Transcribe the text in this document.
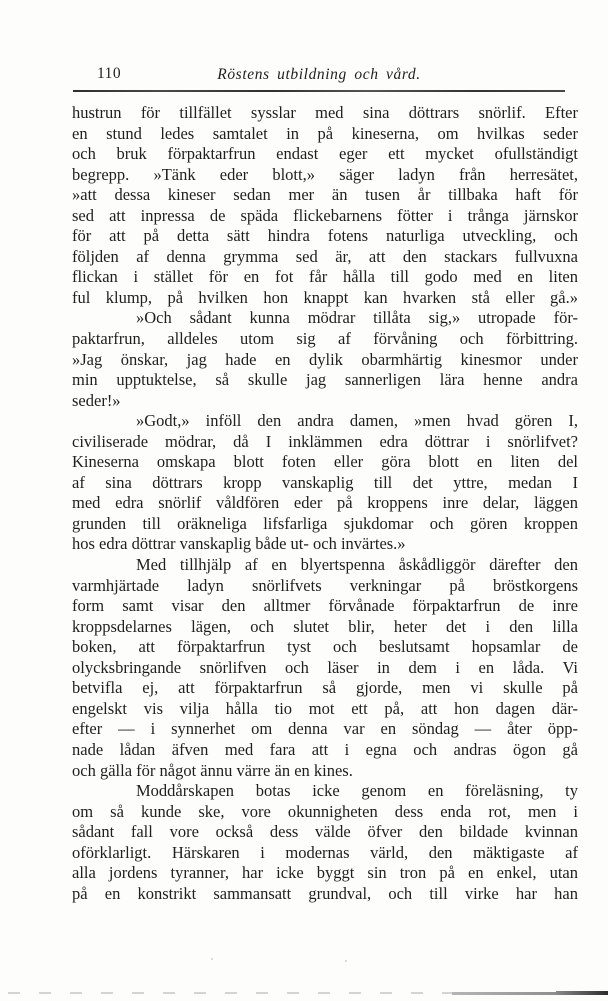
110	Röstens utbildning och vård.
hustrun för tillfället sysslar med sina döttrars snörlif. Efter
en stund ledes samtalet in på kineserna, om hvilkas seder
och bruk förpaktarfrun endast eger ett mycket ofullständigt
begrepp. »Tänk eder blott,» säger ladyn från herresätet,
»att dessa kineser sedan mer än tusen år tillbaka haft för
sed att inpressa de späda flickebarnens fötter i trånga järnskor
för att på detta sätt hindra fotens naturliga utveckling, och
följden af denna grymma sed är, att den stackars fullvuxna
flickan i stället för en fot får hålla till godo med en liten
ful klump, på hvilken hon knappt kan hvarken stå eller gå.»
»Och sådant kunna mödrar tillåta sig,» utropade för-
paktarfrun, alldeles utom sig af förvåning och förbittring.
»Jag önskar, jag hade en dylik obarmhärtig kinesmor under
min upptuktelse, så skulle jag sannerligen lära henne andra
seder!»
»Godt,» inföll den andra damen, »men hvad gören I,
civiliserade mödrar, då I inklämmen edra döttrar i snörlifvet?
Kineserna omskapa blott foten eller göra blott en liten del
af sina döttrars kropp vanskaplig till det yttre, medan I
med edra snörlif våldfören eder på kroppens inre delar, läggen
grunden till oräkneliga lifsfarliga sjukdomar och gören kroppen
hos edra döttrar vanskaplig både ut- och invärtes.»
Med tillhjälp af en blyertspenna åskådliggör därefter den
varmhjärtade ladyn snörlifvets verkningar på bröstkorgens
form samt visar den alltmer förvånade förpaktarfrun de inre
kroppsdelarnes lägen, och slutet blir, heter det i den lilla
boken, att förpaktarfrun tyst och beslutsamt hopsamlar de
olycksbringande snörlifven och läser in dem i en låda. Vi
betvifla ej, att förpaktarfrun så gjorde, men vi skulle på
engelskt vis vilja hålla tio mot ett på, att hon dagen där-
efter — i synnerhet om denna var en söndag — åter öpp-
nade lådan äfven med fara att i egna och andras ögon gå
och gälla för något ännu värre än en kines.
Moddårskapen botas icke genom en föreläsning, ty
om så kunde ske, vore okunnigheten dess enda rot, men i
sådant fall vore också dess välde öfver den bildade kvinnan
oförklarligt. Härskaren i modernas värld, den mäktigaste af
alla jordens tyranner, har icke byggt sin tron på en enkel, utan
på en konstrikt sammansatt grundval, och till virke har han
